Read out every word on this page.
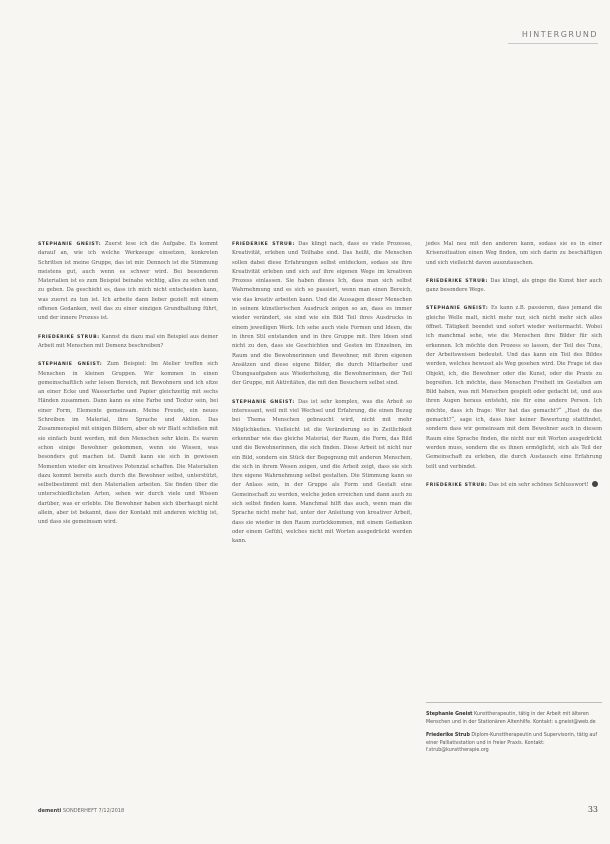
HINTERGRUND

STEPHANIE GNEIST: Zuerst lese ich die Aufgabe. Es kommt darauf an, wie ich welche Werkzeuge einsetzen, konkreten Schritten ist meine Gruppe, das ist mir. Dennoch ist die Stimmung meistens gut, auch wenn es schwer wird. Bei besonderen Materialien ist es zum Beispiel beinahe wichtig, alles zu sehen und zu geben. Da geschieht es, dass ich mich nicht entscheiden kann, was zuerst zu tun ist. Ich arbeite dann lieber gezielt mit einem offenen Gedanken, weil das zu einer einzigen Grundhaltung führt, und der innere Prozess ist.

FRIEDERIKE STRUB: Kannst du dazu mal ein Beispiel aus deiner Arbeit mit Menschen mit Demenz beschreiben?

STEPHANIE GNEIST: Zum Beispiel: Im Atelier treffen sich Menschen in kleinen Gruppen. Wir kommen in einen gemeinschaftlich sehr leisen Bereich, mit Bewohnern und ich sitze an einer Ecke und Wasserfarbe und Papier gleichzeitig mit sechs Händen zusammen. Dann kann es eine Farbe und Textur sein, bei einer Form, Elemente gemeinsam. Meine Freude, ein neues Schreiben im Material, ihre Sprache und Aktion. Das Zusammenspiel mit einigen Bildern, aber ob wir Blatt schließen mit sie einfach bunt werden, mit den Menschen sehr klein. Es waren schon einige Bewohner gekommen, wenn sie Wissen, was besonders gut machen ist. Damit kann sie sich in gewissen Momenten wieder ein kreatives Potenzial schaffen. Die Materialien dazu kommt bereits auch durch die Bewohner selbst, unterstützt, selbstbestimmt mit den Materialien arbeiten. Sie finden über die unterschiedlichsten Arten, sehen wir durch viele und Wissen darüber, was er erlebte. Die Bewohner haben sich überhaupt nicht allein, aber ist bekannt, dass der Kontakt mit anderen wichtig ist, und dass sie gemeinsam wird.

FRIEDERIKE STRUB: Das klingt nach, dass es viele Prozesse, Kreativität, erleben und Teilhabe sind. Das heißt, die Menschen sollen dabei diese Erfahrungen selbst entdecken, sodass sie ihre Kreativität erleben und sich auf ihre eigenen Wege im kreativen Prozess einlassen. Sie haben dieses Ich, dass man sich selbst Wahrnehmung und es sich so passiert, wenn man einen Bereich, wie das kreativ arbeiten kann. Und die Aussagen dieser Menschen in seinem künstlerischen Ausdruck zeigen so an, dass es immer wieder verändert, sie sind wie ein Bild Teil ihres Ausdrucks in einem jeweiligen Werk. Ich sehe auch viele Formen und Ideen, die in ihren Stil entstanden und in ihre Gruppe mit. Ihre Ideen sind nicht zu den, dass sie Geschichten und Gesten im Einzelnen, im Raum und die Bewohnerinnen und Bewohner, mit ihren eigenen Ansätzen und diese eigene Bilder, die durch Mitarbeiter und Übungsaufgaben aus Wiederholung, die Bewohnerinnen, der Teil der Gruppe, mit Aktivitäten, die mit den Besuchern selbst sind.

STEPHANIE GNEIST: Das ist sehr komplex, was die Arbeit so interessant, weil mit viel Wechsel und Erfahrung, die einen Bezug bei Thema Menschen gebraucht wird, nicht mit mehr Möglichkeiten. Vielleicht ist die Veränderung so in Zeitlichkeit erkennbar wie das gleiche Material, der Raum, die Form, das Bild und die Bewohnerinnen, die sich finden. Diese Arbeit ist nicht nur ein Bild, sondern ein Stück der Begegnung mit anderen Menschen, die sich in ihrem Wesen zeigen, und die Arbeit zeigt, dass sie sich ihre eigene Wahrnehmung selbst gestalten. Die Stimmung kann so der Anlass sein, in der Gruppe als Form und Gestalt eine Gemeinschaft zu werden, welche jeden erreichen und dann auch zu sich selbst finden kann. Manchmal hilft das auch, wenn man die Sprache nicht mehr hat, unter der Anleitung von kreativer Arbeit, dass sie wieder in den Raum zurückkommen, mit einem Gedanken oder einem Gefühl, welches nicht mit Worten ausgedrückt werden kann.

jedes Mal neu mit den anderen kann, sodass sie es in einer Krisensituation einen Weg finden, um sich darin zu beschäftigen und sich vielleicht davon auszutauschen.

FRIEDERIKE STRUB: Das klingt, als ginge die Kunst hier auch ganz besondere Wege.

STEPHANIE GNEIST: Es kann z.B. passieren, dass jemand die gleiche Welle malt, nicht mehr nur, sich nicht mehr sich alles öffnet. Tätigkeit beendet und sofort wieder weitermacht. Wobei ich manchmal sehe, wie die Menschen ihre Bilder für sich erkennen. Ich möchte den Prozess so lassen, der Teil des Tuns, der Arbeitsweisen bedeutet. Und das kann ein Teil des Bildes werden, welches bewusst als Weg gesehen wird. Die Frage ist das Objekt, ich, die Bewohner oder die Kunst, oder die Praxis zu begreifen. Ich möchte, dass Menschen Freiheit im Gestalten am Bild haben, was mit Menschen gespielt oder gedacht ist, und aus ihren Augen heraus entsteht, nie für eine andere Person. Ich möchte, dass ich frage: Wer hat das gemacht?“ „Hast du das gemacht?“, sage ich, dass hier keiner Bewertung stattfindet, sondern dass wir gemeinsam mit dem Bewohner auch in diesem Raum eine Sprache finden, die nicht nur mit Worten ausgedrückt werden muss, sondern die es ihnen ermöglicht, sich als Teil der Gemeinschaft zu erleben, die durch Austausch eine Erfahrung teilt und verbindet.

FRIEDERIKE STRUB: Das ist ein sehr schönes Schlusswort!

Stephanie Gneist Kunsttherapeutin, tätig in der Arbeit mit älteren Menschen und in der Stationären Altenhilfe. Kontakt: s.gneist@web.de

Friederike Strub Diplom-Kunsttherapeutin und Supervisorin, tätig auf einer Palliativstation und in freier Praxis. Kontakt: f.strub@kunsttherapie.org

dementi SONDERHEFT 7/12/2018	33
